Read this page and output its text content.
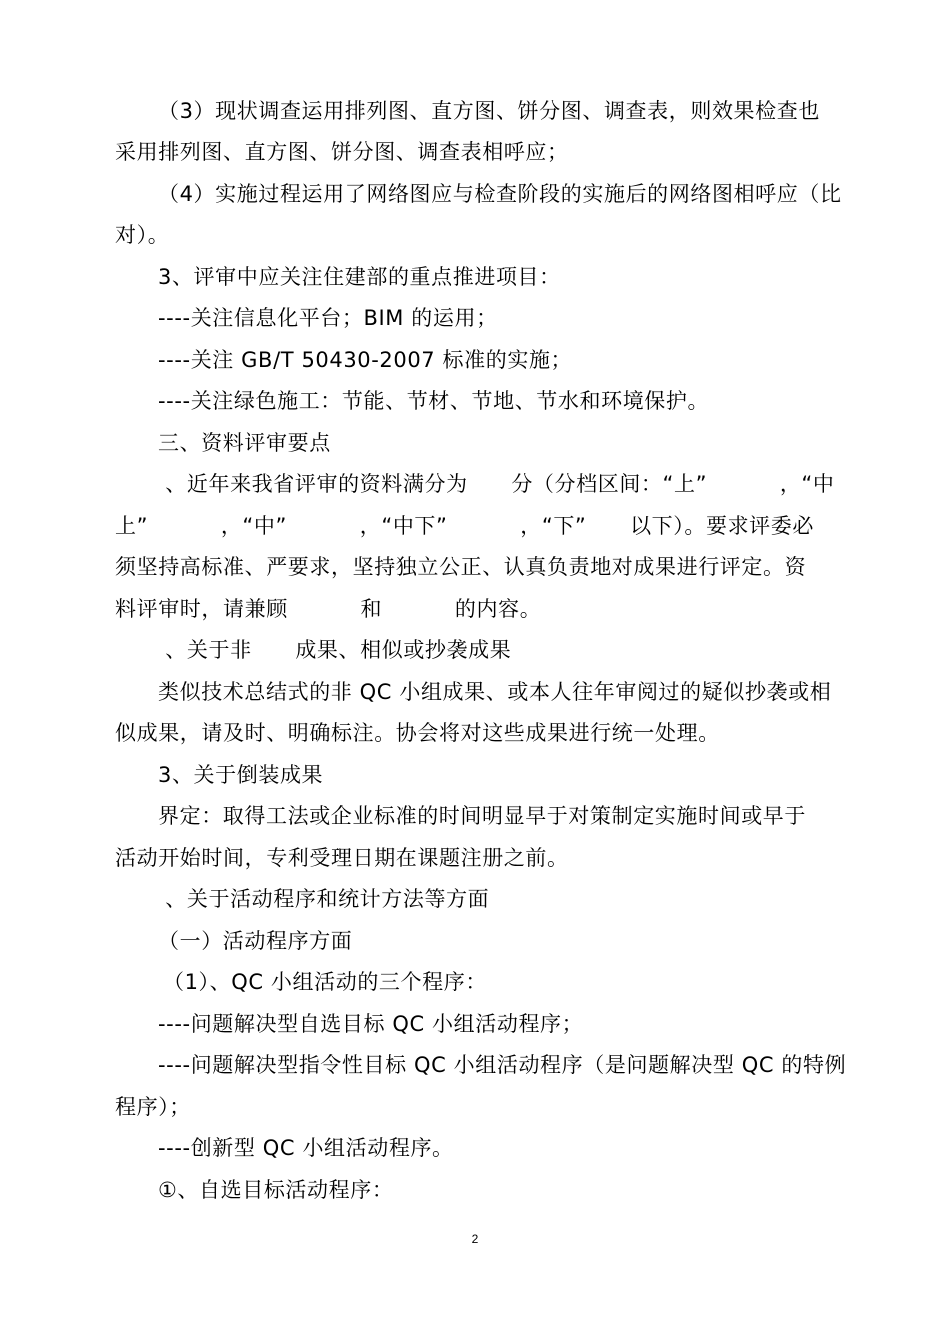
（3）现状调查运用排列图、直方图、饼分图、调查表，则效果检查也
采用排列图、直方图、饼分图、调查表相呼应；
（4）实施过程运用了网络图应与检查阶段的实施后的网络图相呼应（比
对）。
3、评审中应关注住建部的重点推进项目：
----关注信息化平台；BIM 的运用；
----关注 GB/T 50430-2007 标准的实施；
----关注绿色施工：节能、节材、节地、节水和环境保护。
三、资料评审要点
、近年来我省评审的资料满分为      分（分档区间：“上”          ，“中
上”          ，“中”          ，“中下”          ，“下”      以下）。要求评委必
须坚持高标准、严要求，坚持独立公正、认真负责地对成果进行评定。资
料评审时，请兼顾          和          的内容。
、关于非      成果、相似或抄袭成果
类似技术总结式的非 QC 小组成果、或本人往年审阅过的疑似抄袭或相
似成果，请及时、明确标注。协会将对这些成果进行统一处理。
3、关于倒装成果
界定：取得工法或企业标准的时间明显早于对策制定实施时间或早于
活动开始时间，专利受理日期在课题注册之前。
、关于活动程序和统计方法等方面
（一）活动程序方面
（1）、QC 小组活动的三个程序：
----问题解决型自选目标 QC 小组活动程序；
----问题解决型指令性目标 QC 小组活动程序（是问题解决型 QC 的特例
程序）；
----创新型 QC 小组活动程序。
①、自选目标活动程序：
2
